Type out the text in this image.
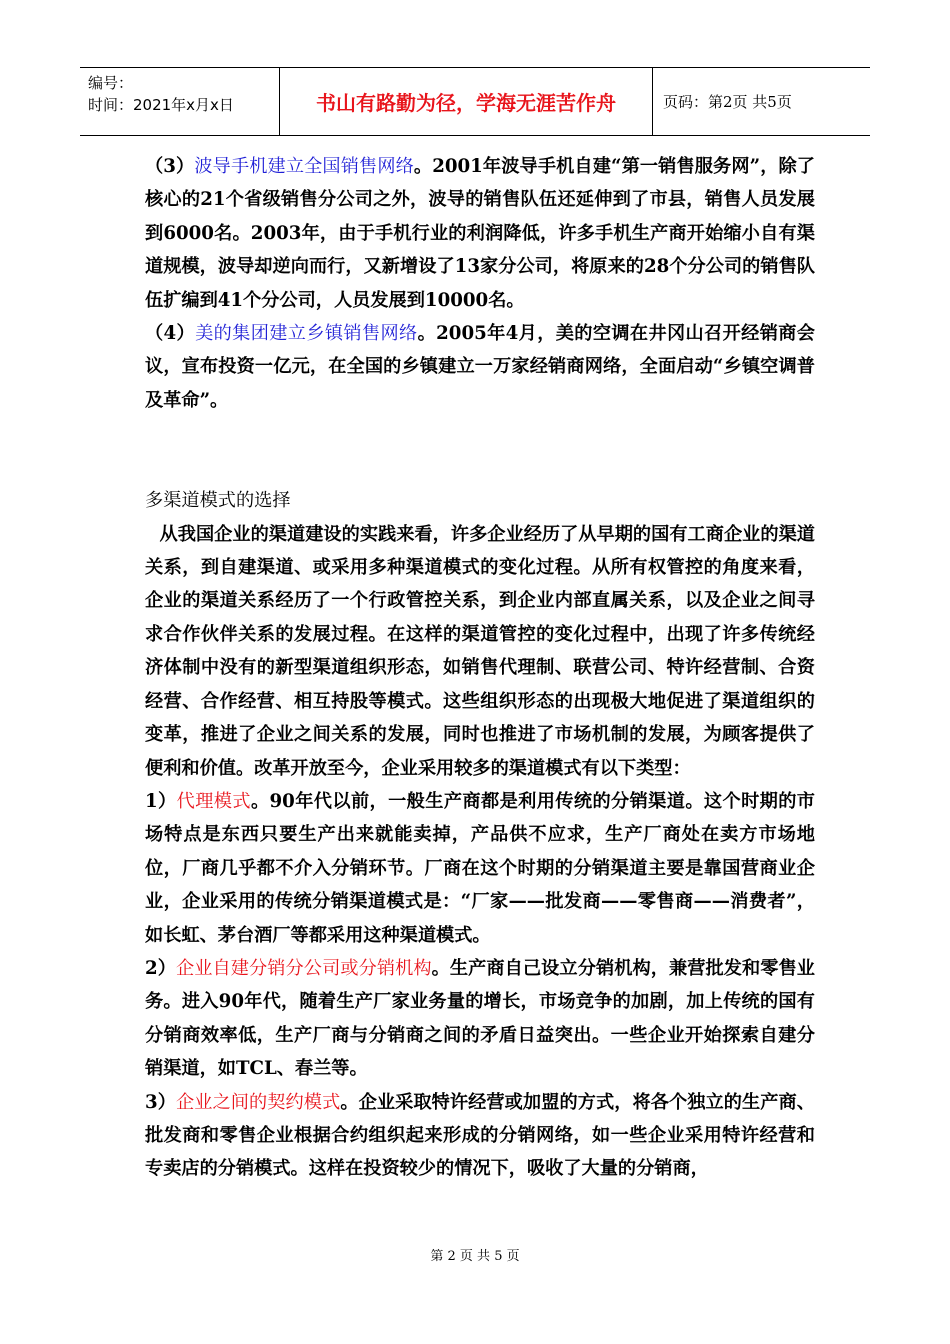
编号：
时间：2021年x月x日	书山有路勤为径，学海无涯苦作舟	页码：第2页 共5页

（3）波导手机建立全国销售网络。2001年波导手机自建“第一销售服务网”，除了核心的21个省级销售分公司之外，波导的销售队伍还延伸到了市县，销售人员发展到6000名。2003年，由于手机行业的利润降低，许多手机生产商开始缩小自有渠道规模，波导却逆向而行，又新增设了13家分公司，将原来的28个分公司的销售队伍扩编到41个分公司，人员发展到10000名。

（4）美的集团建立乡镇销售网络。2005年4月，美的空调在井冈山召开经销商会议，宣布投资一亿元，在全国的乡镇建立一万家经销商网络，全面启动“乡镇空调普及革命”。

多渠道模式的选择

从我国企业的渠道建设的实践来看，许多企业经历了从早期的国有工商企业的渠道关系，到自建渠道、或采用多种渠道模式的变化过程。从所有权管控的角度来看，企业的渠道关系经历了一个行政管控关系，到企业内部直属关系，以及企业之间寻求合作伙伴关系的发展过程。在这样的渠道管控的变化过程中，出现了许多传统经济体制中没有的新型渠道组织形态，如销售代理制、联营公司、特许经营制、合资经营、合作经营、相互持股等模式。这些组织形态的出现极大地促进了渠道组织的变革，推进了企业之间关系的发展，同时也推进了市场机制的发展，为顾客提供了便利和价值。改革开放至今，企业采用较多的渠道模式有以下类型：

1）代理模式。90年代以前，一般生产商都是利用传统的分销渠道。这个时期的市场特点是东西只要生产出来就能卖掉，产品供不应求，生产厂商处在卖方市场地位，厂商几乎都不介入分销环节。厂商在这个时期的分销渠道主要是靠国营商业企业，企业采用的传统分销渠道模式是：“厂家——批发商——零售商——消费者”，如长虹、茅台酒厂等都采用这种渠道模式。

2）企业自建分销分公司或分销机构。生产商自己设立分销机构，兼营批发和零售业务。进入90年代，随着生产厂家业务量的增长，市场竞争的加剧，加上传统的国有分销商效率低，生产厂商与分销商之间的矛盾日益突出。一些企业开始探索自建分销渠道，如TCL、春兰等。

3）企业之间的契约模式。企业采取特许经营或加盟的方式，将各个独立的生产商、批发商和零售企业根据合约组织起来形成的分销网络，如一些企业采用特许经营和专卖店的分销模式。这样在投资较少的情况下，吸收了大量的分销商，

第 2 页 共 5 页
